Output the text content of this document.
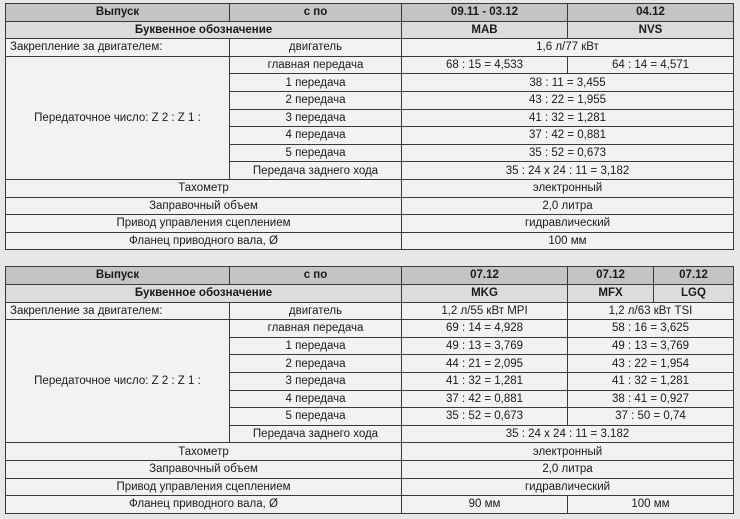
Выпуск	с по	09.11 - 03.12	04.12
Буквенное обозначение		MAB	NVS
Закрепление за двигателем:	двигатель	1,6 л/77 кВт	
Передаточное число: Z 2 : Z 1 :	главная передача	68 : 15 = 4,533	64 : 14 = 4,571
	1 передача	38 : 11 = 3,455	
	2 передача	43 : 22 = 1,955	
	3 передача	41 : 32 = 1,281	
	4 передача	37 : 42 = 0,881	
	5 передача	35 : 52 = 0,673	
	Передача заднего хода	35 : 24 x 24 : 11 = 3,182	
Тахометр		электронный	
Заправочный объем		2,0 литра	
Привод управления сцеплением		гидравлический	
Фланец приводного вала, Ø		100 мм	
Выпуск	с по	07.12	07.12	07.12
Буквенное обозначение		MKG	MFX	LGQ
Закрепление за двигателем:	двигатель	1,2 л/55 кВт MPI	1,2 л/63 кВт TSI	
Передаточное число: Z 2 : Z 1 :	главная передача	69 : 14 = 4,928	58 : 16 = 3,625	
	1 передача	49 : 13 = 3,769	49 : 13 = 3,769	
	2 передача	44 : 21 = 2,095	43 : 22 = 1,954	
	3 передача	41 : 32 = 1,281	41 : 32 = 1,281	
	4 передача	37 : 42 = 0,881	38 : 41 = 0,927	
	5 передача	35 : 52 = 0,673	37 : 50 = 0,74	
	Передача заднего хода	35 : 24 x 24 : 11 = 3.182		
Тахометр		электронный		
Заправочный объем		2,0 литра		
Привод управления сцеплением		гидравлический		
Фланец приводного вала, Ø		90 мм	100 мм	
